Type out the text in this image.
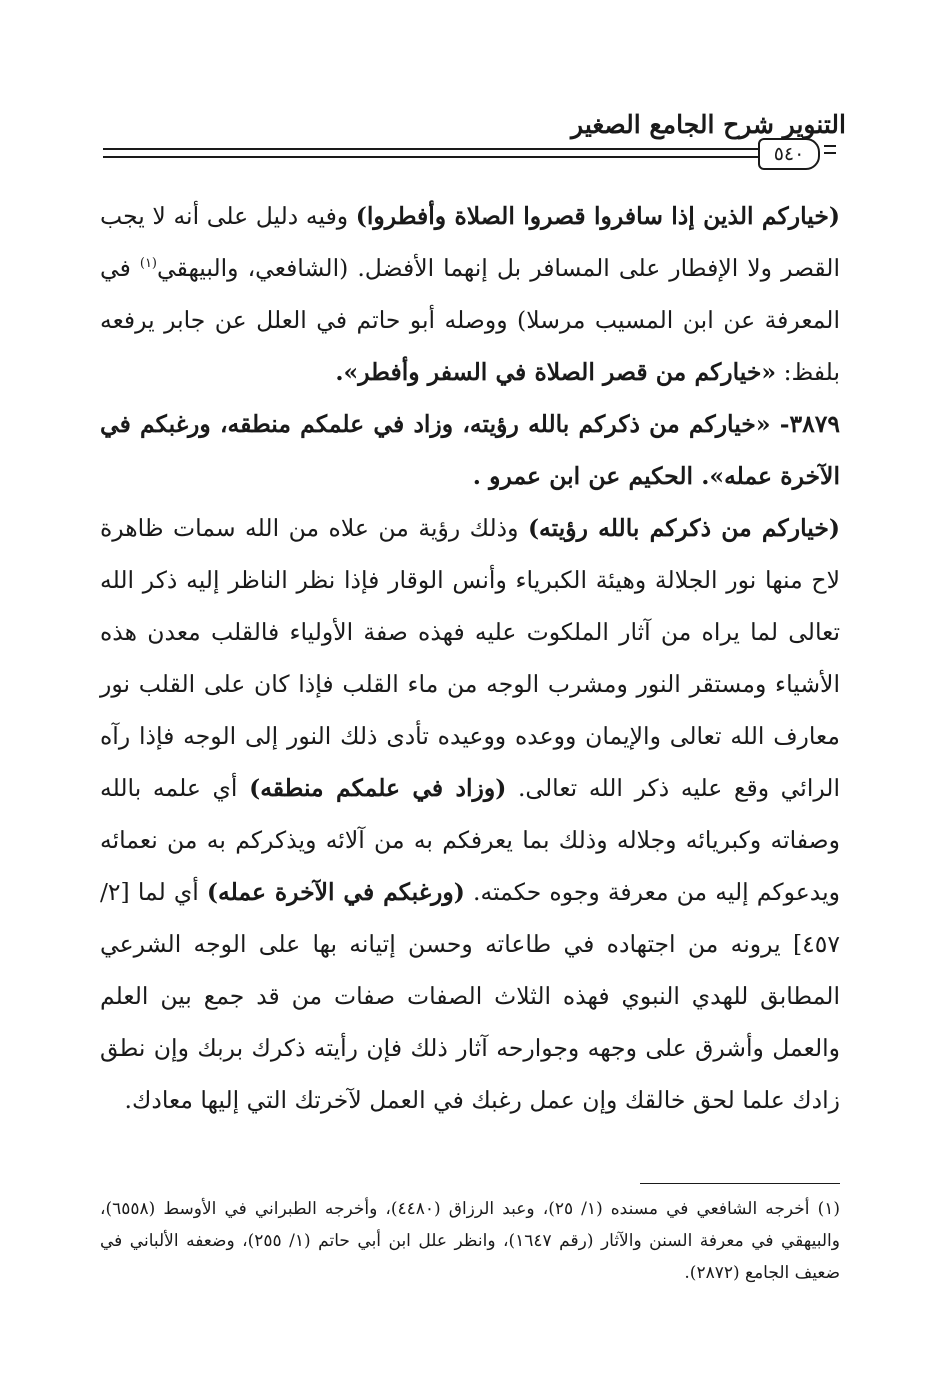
التنوير شرح الجامع الصغير
٥٤٠

(خياركم الذين إذا سافروا قصروا الصلاة وأفطروا) وفيه دليل على أنه لا يجب القصر ولا الإفطار على المسافر بل إنهما الأفضل. (الشافعي، والبيهقي$^{(١)}$ في المعرفة عن ابن المسيب مرسلا) ووصله أبو حاتم في العلل عن جابر يرفعه بلفظ: «خياركم من قصر الصلاة في السفر وأفطر».

٣٨٧٩- «خياركم من ذكركم بالله رؤيته، وزاد في علمكم منطقه، ورغبكم في الآخرة عمله». الحكيم عن ابن عمرو .

(خياركم من ذكركم بالله رؤيته) وذلك رؤية من علاه من الله سمات ظاهرة لاح منها نور الجلالة وهيئة الكبرياء وأنس الوقار فإذا نظر الناظر إليه ذكر الله تعالى لما يراه من آثار الملكوت عليه فهذه صفة الأولياء فالقلب معدن هذه الأشياء ومستقر النور ومشرب الوجه من ماء القلب فإذا كان على القلب نور معارف الله تعالى والإيمان ووعده ووعيده تأدى ذلك النور إلى الوجه فإذا رآه الرائي وقع عليه ذكر الله تعالى. (وزاد في علمكم منطقه) أي علمه بالله وصفاته وكبريائه وجلاله وذلك بما يعرفكم به من آلائه ويذكركم به من نعمائه ويدعوكم إليه من معرفة وجوه حكمته. (ورغبكم في الآخرة عمله) أي لما [٢/ ٤٥٧] يرونه من اجتهاده في طاعاته وحسن إتيانه بها على الوجه الشرعي المطابق للهدي النبوي فهذه الثلاث الصفات صفات من قد جمع بين العلم والعمل وأشرق على وجهه وجوارحه آثار ذلك فإن رأيته ذكرك بربك وإن نطق زادك علما لحق خالقك وإن عمل رغبك في العمل لآخرتك التي إليها معادك.

(١) أخرجه الشافعي في مسنده (١/ ٢٥)، وعبد الرزاق (٤٤٨٠)، وأخرجه الطبراني في الأوسط (٦٥٥٨)، والبيهقي في معرفة السنن والآثار (رقم ١٦٤٧)، وانظر علل ابن أبي حاتم (١/ ٢٥٥)، وضعفه الألباني في ضعيف الجامع (٢٨٧٢).
